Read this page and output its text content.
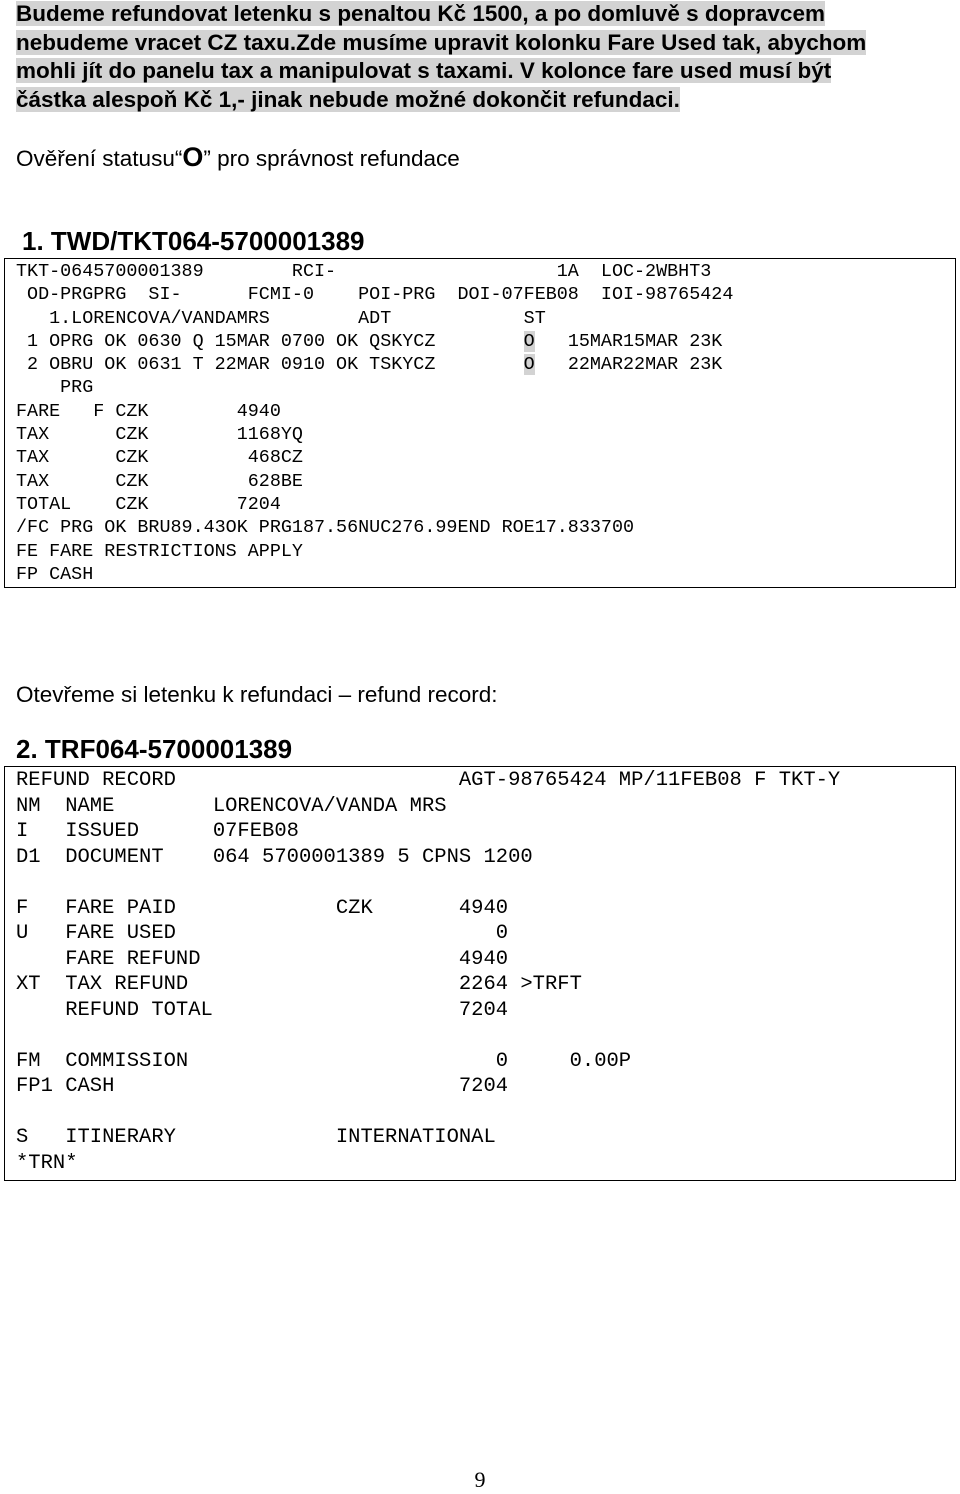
Budeme refundovat letenku s penaltou Kč 1500, a po domluvě s dopravcem
nebudeme vracet CZ taxu.Zde musíme upravit kolonku Fare Used tak, abychom
mohli jít do panelu tax a manipulovat s taxami. V kolonce fare used musí být
částka alespoň Kč 1,- jinak nebude možné dokončit refundaci.
Ověření statusu“O” pro správnost refundace
1. TWD/TKT064-5700001389
TKT-0645700001389        RCI-                    1A  LOC-2WBHT3
OD-PRGPRG  SI-      FCMI-0    POI-PRG  DOI-07FEB08  IOI-98765424
1.LORENCOVA/VANDAMRS        ADT            ST
1 OPRG OK 0630 Q 15MAR 0700 OK QSKYCZ        O   15MAR15MAR 23K
2 OBRU OK 0631 T 22MAR 0910 OK TSKYCZ        O   22MAR22MAR 23K
PRG
FARE   F CZK        4940
TAX      CZK        1168YQ
TAX      CZK         468CZ
TAX      CZK         628BE
TOTAL    CZK        7204
/FC PRG OK BRU89.43OK PRG187.56NUC276.99END ROE17.833700
FE FARE RESTRICTIONS APPLY
FP CASH
Otevřeme si letenku k refundaci – refund record:
2. TRF064-5700001389
REFUND RECORD                       AGT-98765424 MP/11FEB08 F TKT-Y
NM  NAME        LORENCOVA/VANDA MRS
I   ISSUED      07FEB08
D1  DOCUMENT    064 5700001389 5 CPNS 1200
F   FARE PAID             CZK       4940
U   FARE USED                          0
FARE REFUND                     4940
XT  TAX REFUND                      2264 >TRFT
REFUND TOTAL                    7204
FM  COMMISSION                         0     0.00P
FP1 CASH                            7204
S   ITINERARY             INTERNATIONAL
*TRN*
9
